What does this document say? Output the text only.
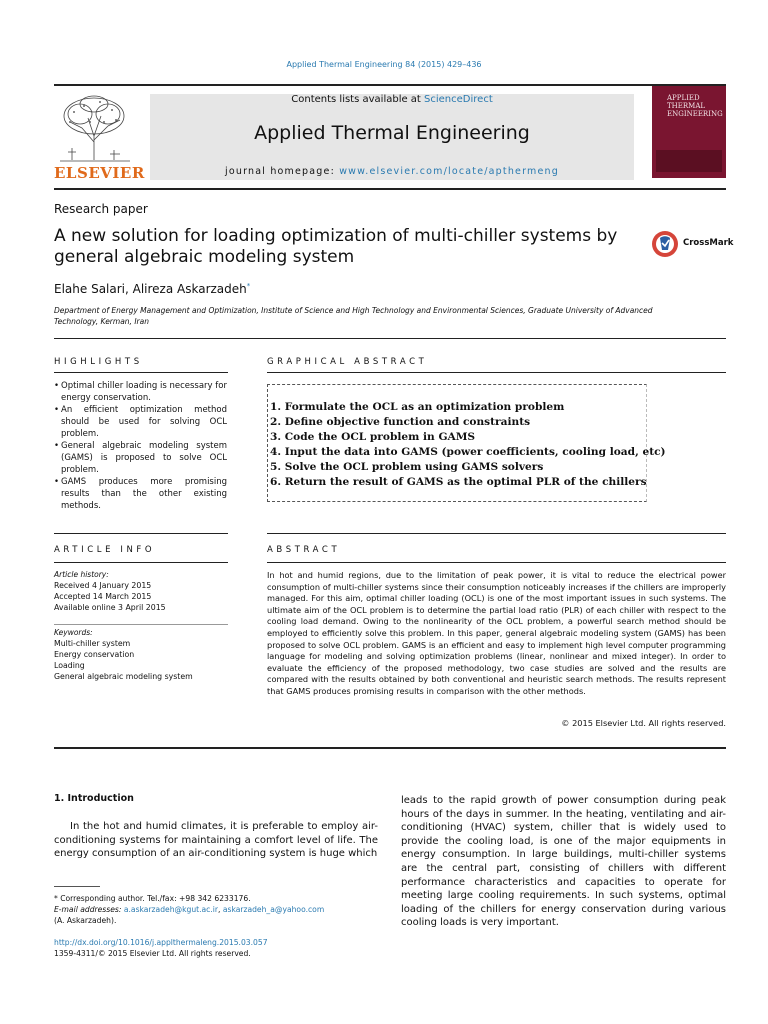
Applied Thermal Engineering 84 (2015) 429–436
ELSEVIER
Contents lists available at ScienceDirect
Applied Thermal Engineering
journal homepage: www.elsevier.com/locate/apthermeng
APPLIED THERMAL ENGINEERING
Research paper
A new solution for loading optimization of multi-chiller systems by general algebraic modeling system
CrossMark
Elahe Salari, Alireza Askarzadeh*
Department of Energy Management and Optimization, Institute of Science and High Technology and Environmental Sciences, Graduate University of Advanced Technology, Kerman, Iran
HIGHLIGHTS	GRAPHICAL ABSTRACT
• Optimal chiller loading is necessary for energy conservation.
• An efficient optimization method should be used for solving OCL problem.
• General algebraic modeling system (GAMS) is proposed to solve OCL problem.
• GAMS produces more promising results than the other existing methods.
1. Formulate the OCL as an optimization problem
2. Define objective function and constraints
3. Code the OCL problem in GAMS
4. Input the data into GAMS (power coefficients, cooling load, etc)
5. Solve the OCL problem using GAMS solvers
6. Return the result of GAMS as the optimal PLR of the chillers
ARTICLE INFO	ABSTRACT
Article history:
Received 4 January 2015
Accepted 14 March 2015
Available online 3 April 2015
Keywords:
Multi-chiller system
Energy conservation
Loading
General algebraic modeling system
In hot and humid regions, due to the limitation of peak power, it is vital to reduce the electrical power consumption of multi-chiller systems since their consumption noticeably increases if the chillers are improperly managed. For this aim, optimal chiller loading (OCL) is one of the most important issues in such systems. The ultimate aim of the OCL problem is to determine the partial load ratio (PLR) of each chiller with respect to the cooling load demand. Owing to the nonlinearity of the OCL problem, a powerful search method should be employed to efficiently solve this problem. In this paper, general algebraic modeling system (GAMS) has been proposed to solve OCL problem. GAMS is an efficient and easy to implement high level computer programming language for modeling and solving optimization problems (linear, nonlinear and mixed integer). In order to evaluate the efficiency of the proposed methodology, two case studies are solved and the results are compared with the results obtained by both conventional and heuristic search methods. The results represent that GAMS produces promising results in comparison with the other methods.
© 2015 Elsevier Ltd. All rights reserved.
1. Introduction
In the hot and humid climates, it is preferable to employ air-conditioning systems for maintaining a comfort level of life. The energy consumption of an air-conditioning system is huge which
leads to the rapid growth of power consumption during peak hours of the days in summer. In the heating, ventilating and air-conditioning (HVAC) system, chiller that is widely used to provide the cooling load, is one of the major equipments in energy consumption. In large buildings, multi-chiller systems are the central part, consisting of chillers with different performance characteristics and capacities to operate for meeting large cooling requirements. In such systems, optimal loading of the chillers for energy conservation during various cooling loads is very important.
* Corresponding author. Tel./fax: +98 342 6233176.
E-mail addresses: a.askarzadeh@kgut.ac.ir, askarzadeh_a@yahoo.com
(A. Askarzadeh).
http://dx.doi.org/10.1016/j.applthermaleng.2015.03.057
1359-4311/© 2015 Elsevier Ltd. All rights reserved.
